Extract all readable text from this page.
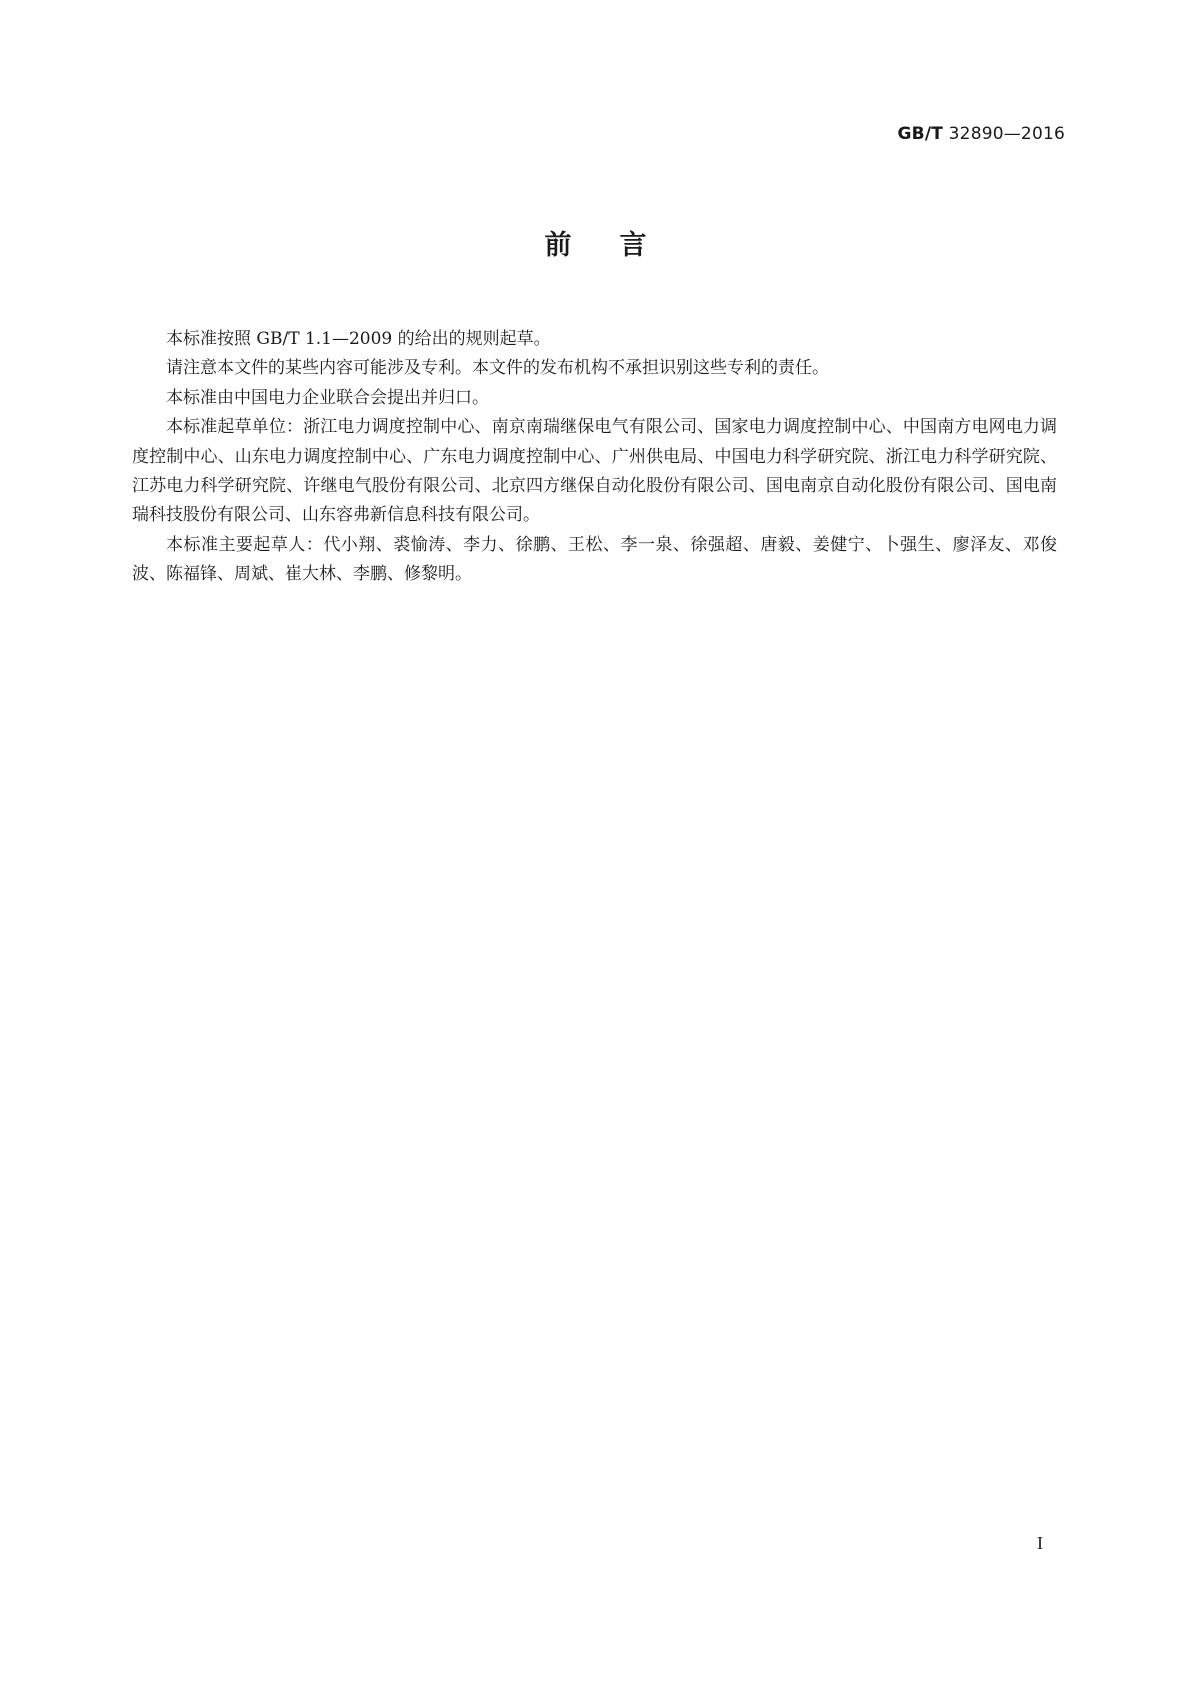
GB/T 32890—2016
前言

本标准按照 GB/T 1.1—2009 的给出的规则起草。

请注意本文件的某些内容可能涉及专利。本文件的发布机构不承担识别这些专利的责任。

本标准由中国电力企业联合会提出并归口。

本标准起草单位：浙江电力调度控制中心、南京南瑞继保电气有限公司、国家电力调度控制中心、中国南方电网电力调度控制中心、山东电力调度控制中心、广东电力调度控制中心、广州供电局、中国电力科学研究院、浙江电力科学研究院、江苏电力科学研究院、许继电气股份有限公司、北京四方继保自动化股份有限公司、国电南京自动化股份有限公司、国电南瑞科技股份有限公司、山东容弗新信息科技有限公司。

本标准主要起草人：代小翔、裘愉涛、李力、徐鹏、王松、李一泉、徐强超、唐毅、姜健宁、卜强生、廖泽友、邓俊波、陈福锋、周斌、崔大林、李鹏、修黎明。

I
